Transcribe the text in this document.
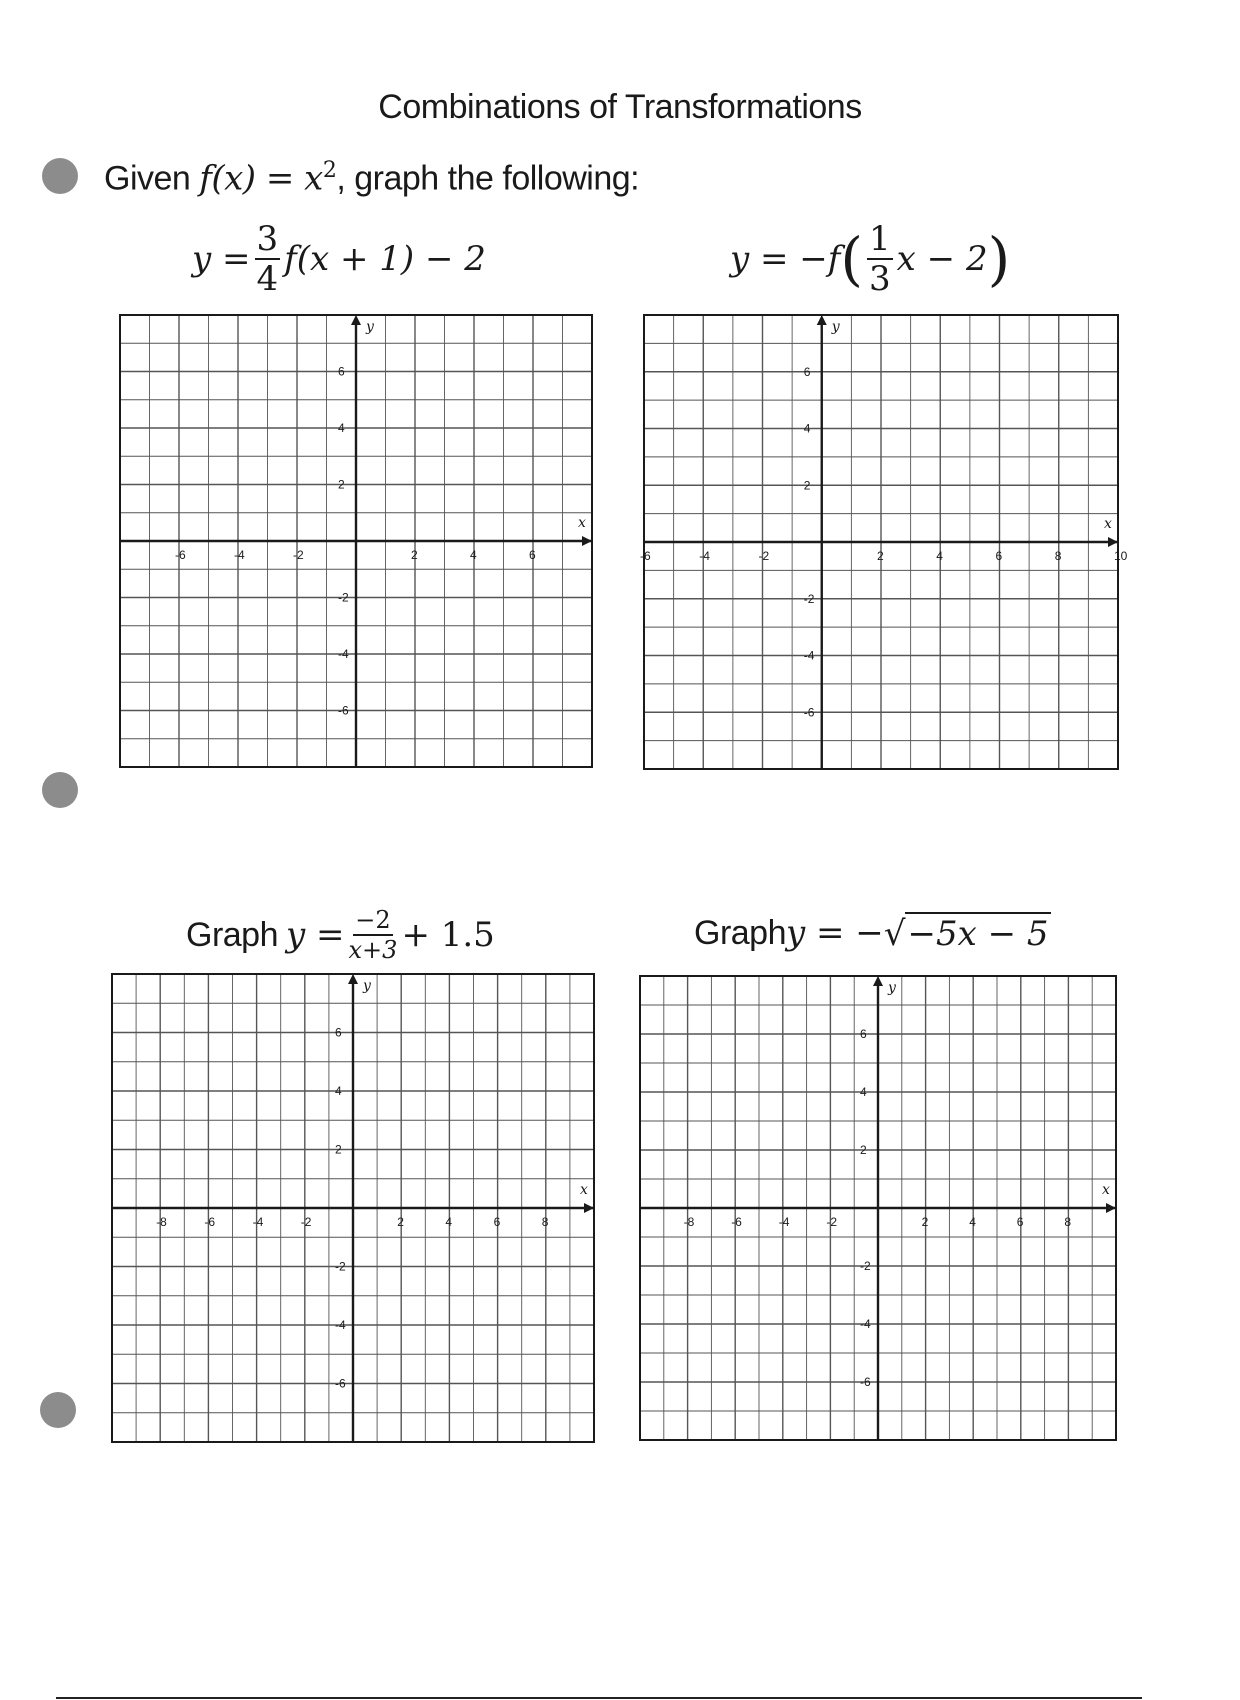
Combinations of Transformations
Given $f(x) = x^2$, graph the following:
$y = \frac{3}{4} f(x + 1) - 2$	y = −f ( $\frac{1}{3}$ x − 2 )
Graph $y = \frac{-2}{x+3} + 1.5$	Graph y = − √ −5x − 5
x
y
-6	-4	-2	2	4	6
6
4
2
-2
-4
-6
x
y
-6	-4	-2	2	4	6	8	10
6
4
2
-2
-4
-6
x
y
-8	-6	-4	-2	2	4	6	8
6
4
2
-2
-4
-6
x
y
-8	-6	-4	-2	2	4	6	8
6
4
2
-2
-4
-6
